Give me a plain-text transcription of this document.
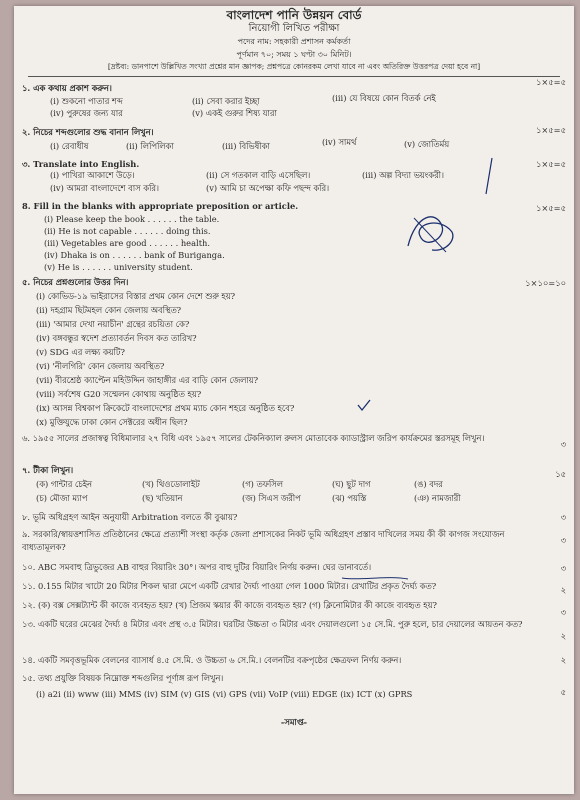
বাংলাদেশ পানি উন্নয়ন বোর্ড
নিয়োগী লিখিত পরীক্ষা
পদের নাম: সহকারী প্রশাসন কর্মকর্তা
পূর্ণমান ৭০; সময় ১ ঘণ্টা ৩০ মিনিট।
[দ্রষ্টব্য: ডানপাশে উল্লিখিত সংখ্যা প্রশ্নের মান জ্ঞাপক; প্রশ্নপত্রে কোনরকম লেখা যাবে না এবং অতিরিক্ত উত্তরপত্র দেয়া হবে না]
১. এক কথায় প্রকাশ করুন।
১×৫=৫
(i) শুকনো পাতার শব্দ	(ii) সেবা করার ইচ্ছা	(iii) যে বিষয়ে কোন বিতর্ক নেই
(iv) পুরুষের জন্য যার	(v) একই গুরুর শিষ্য যারা
২. নিচের শব্দগুলোর শুদ্ধ বানান লিখুন।	১×৫=৫
(i) রেবাধীষ	(ii) লিপিলিকা	(iii) বিভিষীকা	(iv) সামর্থ	(v) জোতির্ময়
৩. Translate into English.	১×৫=৫
(i) পাখিরা আকাশে উড়ে।	(ii) সে গতকাল বাড়ি এসেছিল।	(iii) অল্প বিদ্যা ভয়ংকরী।
(iv) আমরা বাংলাদেশে বাস করি।	(v) আমি চা অপেক্ষা কফি পছন্দ করি।
8. Fill in the blanks with appropriate preposition or article.	১×৫=৫
(i) Please keep the book . . . . . . the table.
(ii) He is not capable . . . . . . doing this.
(iii) Vegetables are good . . . . . . health.
(iv) Dhaka is on . . . . . . bank of Buriganga.
(v) He is . . . . . . university student.
৫. নিচের প্রশ্নগুলোর উত্তর দিন।	১×১০=১০
(i) কোভিড-১৯ ভাইরাসের বিস্তার প্রথম কোন দেশে শুরু হয়?
(ii) দহগ্রাম ছিটমহল কোন জেলায় অবস্থিত?
(iii) 'আমার দেখা নয়াচীন' গ্রন্থের রচয়িতা কে?
(iv) বঙ্গবন্ধুর স্বদেশ প্রত্যাবর্তন দিবস কত তারিখ?
(v) SDG এর লক্ষ্য কয়টি?
(vi) 'নীলগিরি' কোন জেলায় অবস্থিত?
(vii) বীরশ্রেষ্ঠ ক্যাপ্টেন মহিউদ্দিন জাহাঙ্গীর এর বাড়ি কোন জেলায়?
(viii) সর্বশেষ G20 সম্মেলন কোথায় অনুষ্ঠিত হয়?
(ix) আসন্ন বিশ্বকাপ ক্রিকেটে বাংলাদেশের প্রথম ম্যাচ কোন শহরে অনুষ্ঠিত হবে?
(x) মুক্তিযুদ্ধে ঢাকা কোন সেক্টরের অধীন ছিল?
৬. ১৯৫৫ সালের প্রজাস্বত্ব বিধিমালার ২৭ বিধি এবং ১৯৫৭ সালের টেকনিক্যাল রুলস মোতাবেক ক্যাডাস্ট্রাল জরিপ কার্যক্রমের স্তরসমূহ লিখুন।
৩
৭. টীকা লিখুন।	১৫
(ক) গান্টার চেইন	(খ) থিওডোলাইট	(গ) তফসিল	(ঘ) ছুট দাগ	(ঙ) বদর
(চ) মৌজা ম্যাপ	(ছ) খতিয়ান	(জ) সিএস জরীপ	(ঝ) পয়স্তি	(ঞ) নামজারী
৮. ভূমি অধিগ্রহণ আইন অনুযায়ী Arbitration বলতে কী বুঝায়?	৩
৯. সরকারি/স্বায়ত্তশাসিত প্রতিষ্ঠানের ক্ষেত্রে প্রত্যাশী সংস্থা কর্তৃক জেলা প্রশাসকের নিকট ভূমি অধিগ্রহণ প্রস্তাব দাখিলের সময় কী কী কাগজ সংযোজন বাধ্যতামূলক?
৩
১০. ABC সমবাহু ত্রিভুজের AB বাহুর বিয়ারিং 30°। অপর বাহু দুটির বিয়ারিং নির্ণয় করুন। ঘের ডানাবর্তে।	৩
১১. 0.155 মিটার খাটো 20 মিটার শিকল দ্বারা মেপে একটি রেখার দৈর্ঘ্য পাওয়া গেল 1000 মিটার। রেখাটির প্রকৃত দৈর্ঘ্য কত?	২
১২. (ক) বক্স সেক্সট্যান্ট কী কাজে ব্যবহৃত হয়? (খ) প্রিজম স্কয়ার কী কাজে ব্যবহৃত হয়? (গ) ক্লিনোমিটার কী কাজে ব্যবহৃত হয়?
৩
১৩. একটি ঘরের মেঝের দৈর্ঘ্য ৪ মিটার এবং প্রস্থ ৩.৫ মিটার। ঘরটির উচ্চতা ৩ মিটার এবং দেয়ালগুলো ১৫ সে.মি. পুরু হলে, চার দেয়ালের আয়তন কত?
২
১৪. একটি সমবৃত্তভূমিক বেলনের ব্যাসার্ধ ৪.৫ সে.মি. ও উচ্চতা ৬ সে.মি.। বেলনটির বক্রপৃষ্ঠের ক্ষেত্রফল নির্ণয় করুন।	২
১৫. তথ্য প্রযুক্তি বিষয়ক নিম্নোক্ত শব্দগুলির পূর্ণাঙ্গ রূপ লিখুন।
৫
(i) a2i (ii) www (iii) MMS (iv) SIM (v) GIS (vi) GPS (vii) VoIP (viii) EDGE (ix) ICT (x) GPRS
-সমাপ্ত-
